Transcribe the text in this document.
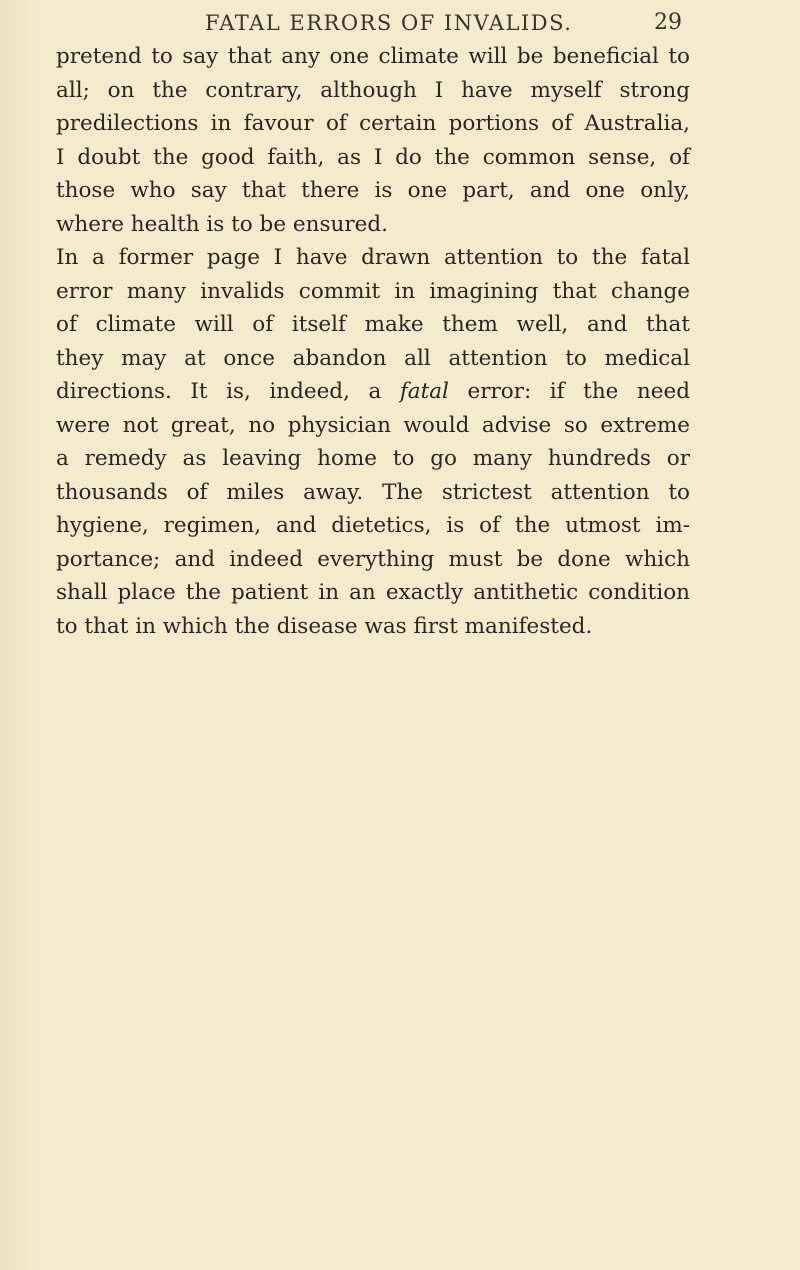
FATAL ERRORS OF INVALIDS.	29
pretend to say that any one climate will be beneficial to
all; on the contrary, although I have myself strong
predilections in favour of certain portions of Australia,
I doubt the good faith, as I do the common sense, of
those who say that there is one part, and one only,
where health is to be ensured.
In a former page I have drawn attention to the fatal
error many invalids commit in imagining that change
of climate will of itself make them well, and that
they may at once abandon all attention to medical
directions. It is, indeed, a fatal error: if the need
were not great, no physician would advise so extreme
a remedy as leaving home to go many hundreds or
thousands of miles away. The strictest attention to
hygiene, regimen, and dietetics, is of the utmost im-
portance; and indeed everything must be done which
shall place the patient in an exactly antithetic condition
to that in which the disease was first manifested.
